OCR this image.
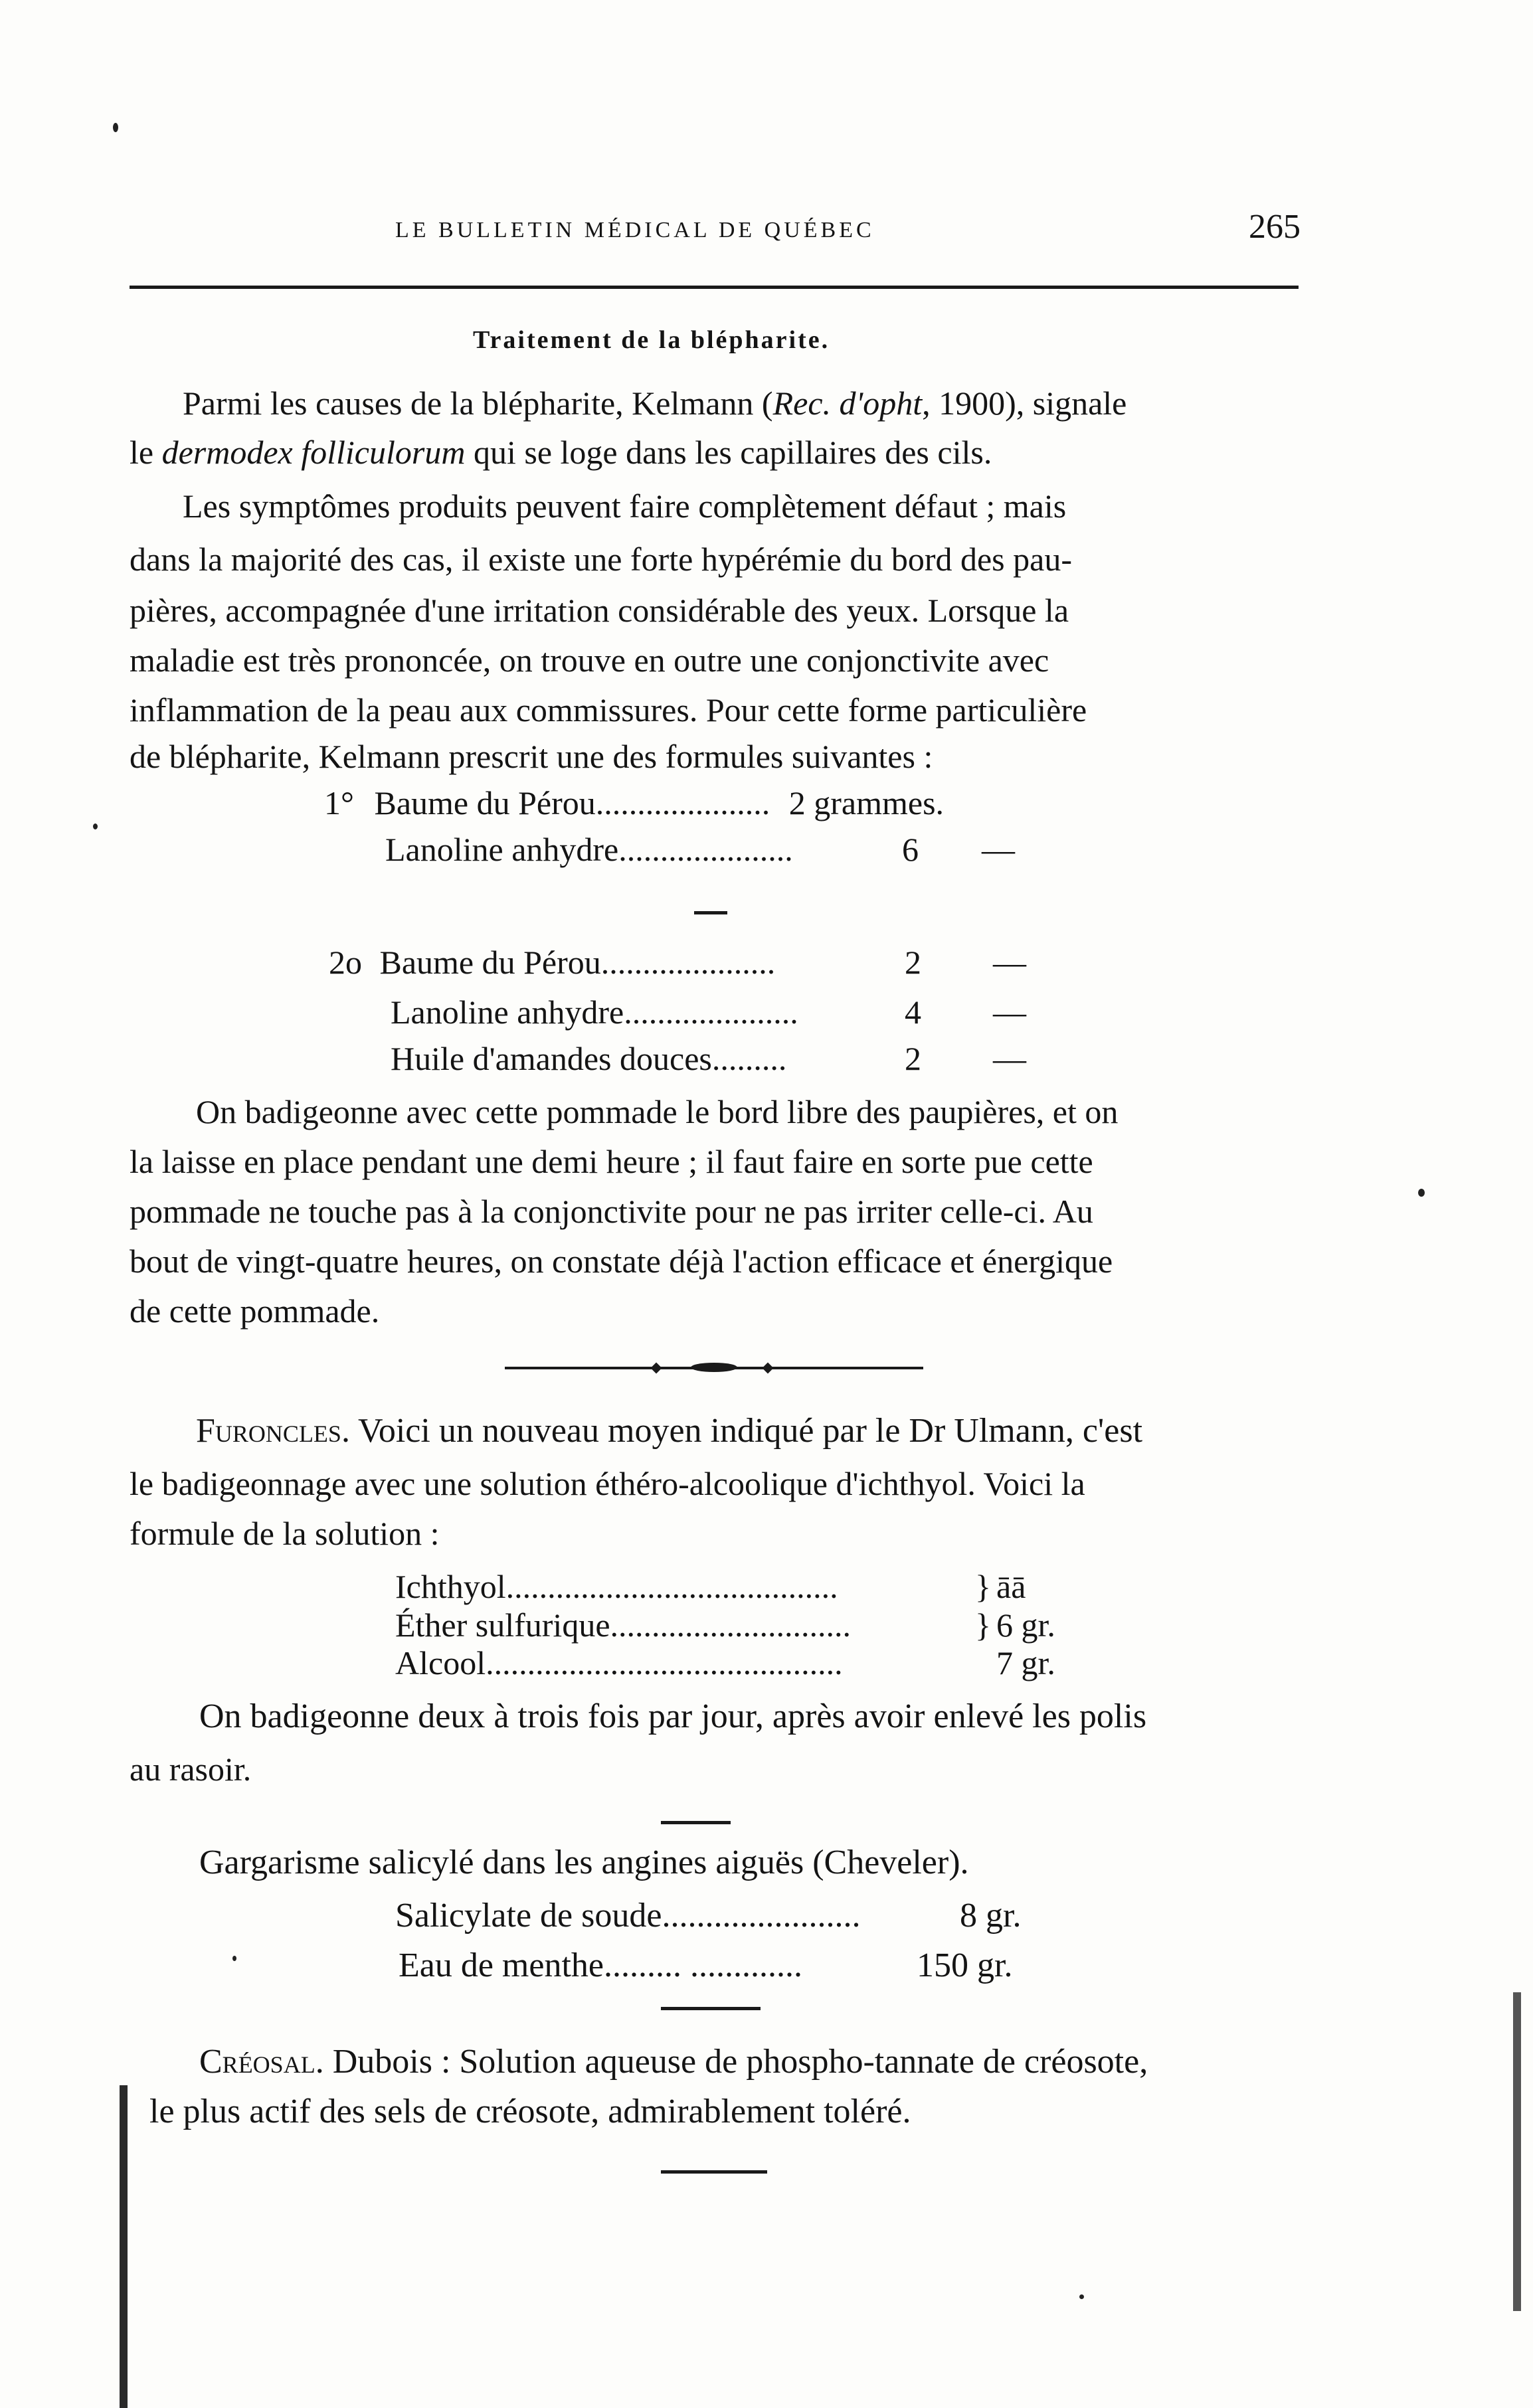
LE BULLETIN MÉDICAL DE QUÉBEC	265
Traitement de la blépharite.
Parmi les causes de la blépharite, Kelmann (Rec. d'opht, 1900), signale
le dermodex folliculorum qui se loge dans les capillaires des cils.
Les symptômes produits peuvent faire complètement défaut ; mais
dans la majorité des cas, il existe une forte hypérémie du bord des pau-
pières, accompagnée d'une irritation considérable des yeux. Lorsque la
maladie est très prononcée, on trouve en outre une conjonctivite avec
inflammation de la peau aux commissures. Pour cette forme particulière
de blépharite, Kelmann prescrit une des formules suivantes :
1° Baume du Pérou..................... 2 grammes.
Lanoline anhydre.....................	6 —
2o Baume du Pérou.....................	2 —
Lanoline anhydre.....................	4 —
Huile d'amandes douces.........	2 —
On badigeonne avec cette pommade le bord libre des paupières, et on
la laisse en place pendant une demi heure ; il faut faire en sorte pue cette
pommade ne touche pas à la conjonctivite pour ne pas irriter celle-ci. Au
bout de vingt-quatre heures, on constate déjà l'action efficace et énergique
de cette pommade.
Furoncles. Voici un nouveau moyen indiqué par le Dr Ulmann, c'est
le badigeonnage avec une solution éthéro-alcoolique d'ichthyol. Voici la
formule de la solution :
Ichthyol........................................	} āā
Éther sulfurique.............................	} 6 gr.
Alcool...........................................	7 gr.
On badigeonne deux à trois fois par jour, après avoir enlevé les polis
au rasoir.
Gargarisme salicylé dans les angines aiguës (Cheveler).
Salicylate de soude.......................	8 gr.
Eau de menthe......... .............	150 gr.
Créosal. Dubois : Solution aqueuse de phospho-tannate de créosote,
le plus actif des sels de créosote, admirablement toléré.
